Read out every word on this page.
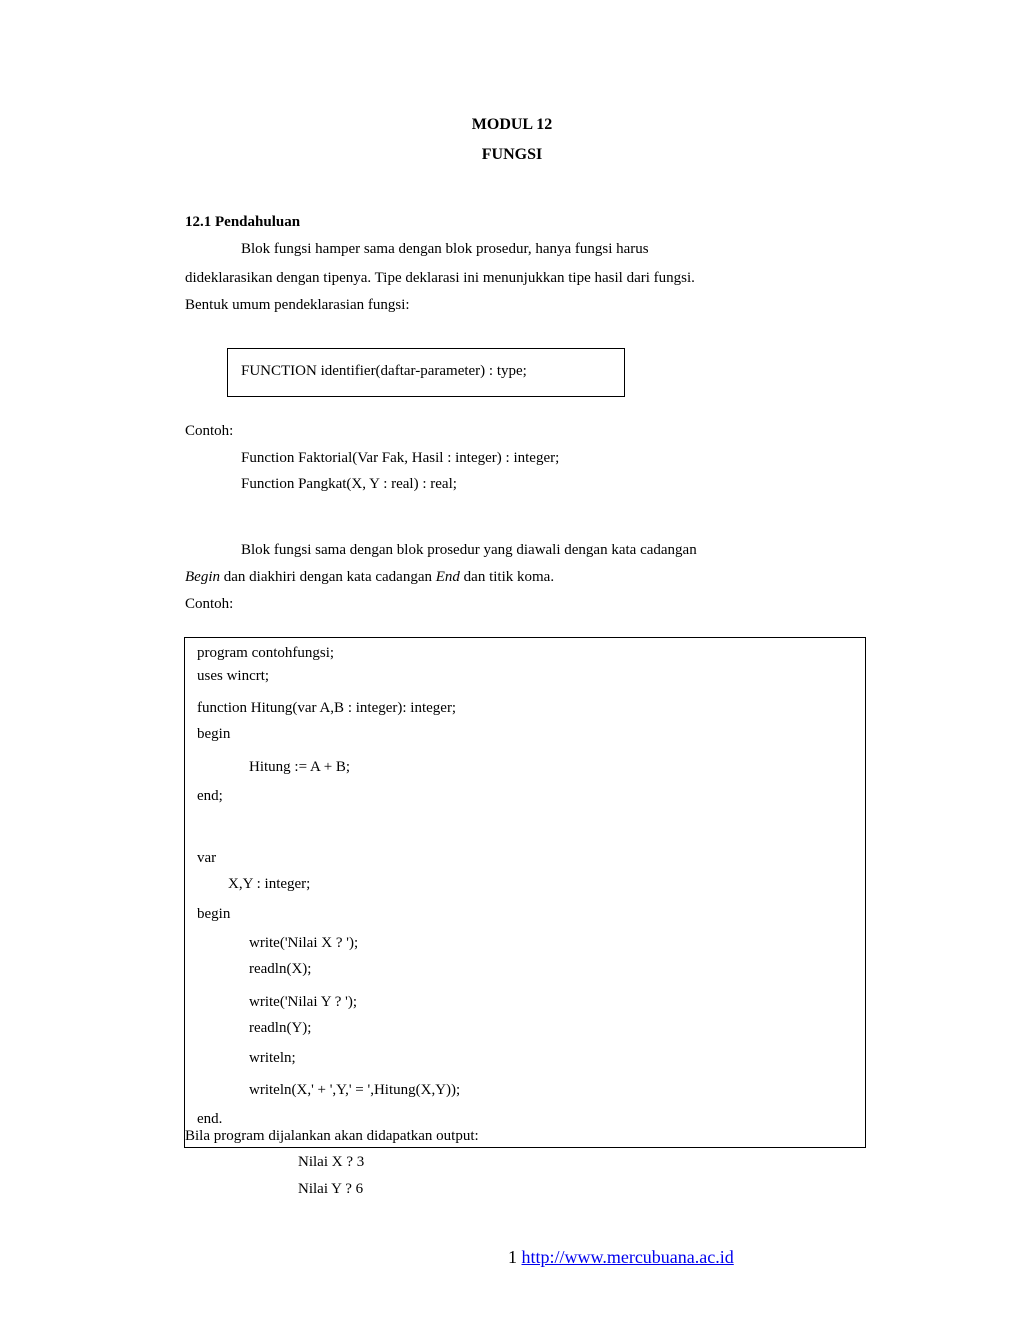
MODUL 12
FUNGSI
12.1 Pendahuluan
Blok fungsi hamper sama dengan blok prosedur, hanya fungsi harus
dideklarasikan dengan tipenya. Tipe deklarasi ini menunjukkan tipe hasil dari fungsi.
Bentuk umum pendeklarasian fungsi:
FUNCTION identifier(daftar-parameter) : type;
Contoh:
Function Faktorial(Var Fak, Hasil : integer) : integer;
Function Pangkat(X, Y : real) : real;
Blok fungsi sama dengan blok prosedur yang diawali dengan kata cadangan
Begin dan diakhiri dengan kata cadangan End dan titik koma.
Contoh:
program contohfungsi;
uses wincrt;
function Hitung(var A,B : integer): integer;
begin
Hitung := A + B;
end;
var
X,Y : integer;
begin
write('Nilai X ? ');
readln(X);
write('Nilai Y ? ');
readln(Y);
writeln;
writeln(X,' + ',Y,' = ',Hitung(X,Y));
end.
Bila program dijalankan akan didapatkan output:
Nilai X ? 3
Nilai Y ? 6
1 http://www.mercubuana.ac.id
